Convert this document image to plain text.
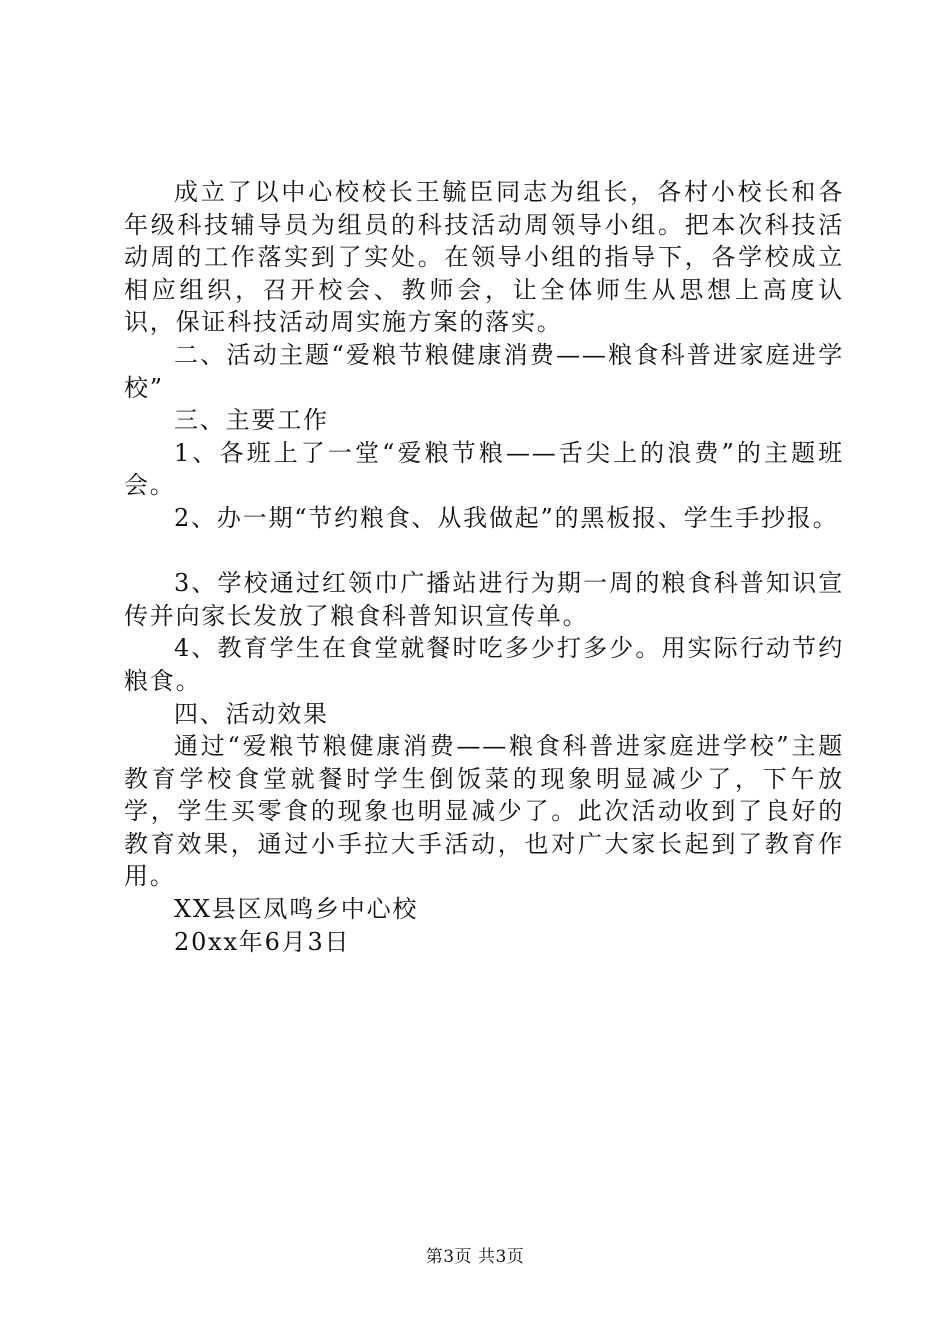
成立了以中心校校长王毓臣同志为组长，各村小校长和各年级科技辅导员为组员的科技活动周领导小组。把本次科技活动周的工作落实到了实处。在领导小组的指导下，各学校成立相应组织，召开校会、教师会，让全体师生从思想上高度认识，保证科技活动周实施方案的落实。

二、活动主题“爱粮节粮健康消费——粮食科普进家庭进学校”

三、主要工作

1、各班上了一堂“爱粮节粮——舌尖上的浪费”的主题班会。

2、办一期“节约粮食、从我做起”的黑板报、学生手抄报。

3、学校通过红领巾广播站进行为期一周的粮食科普知识宣传并向家长发放了粮食科普知识宣传单。

4、教育学生在食堂就餐时吃多少打多少。用实际行动节约粮食。

四、活动效果

通过“爱粮节粮健康消费——粮食科普进家庭进学校”主题教育学校食堂就餐时学生倒饭菜的现象明显减少了，下午放学，学生买零食的现象也明显减少了。此次活动收到了良好的教育效果，通过小手拉大手活动，也对广大家长起到了教育作用。

XX县区凤鸣乡中心校

20xx年6月3日

第3页 共3页
